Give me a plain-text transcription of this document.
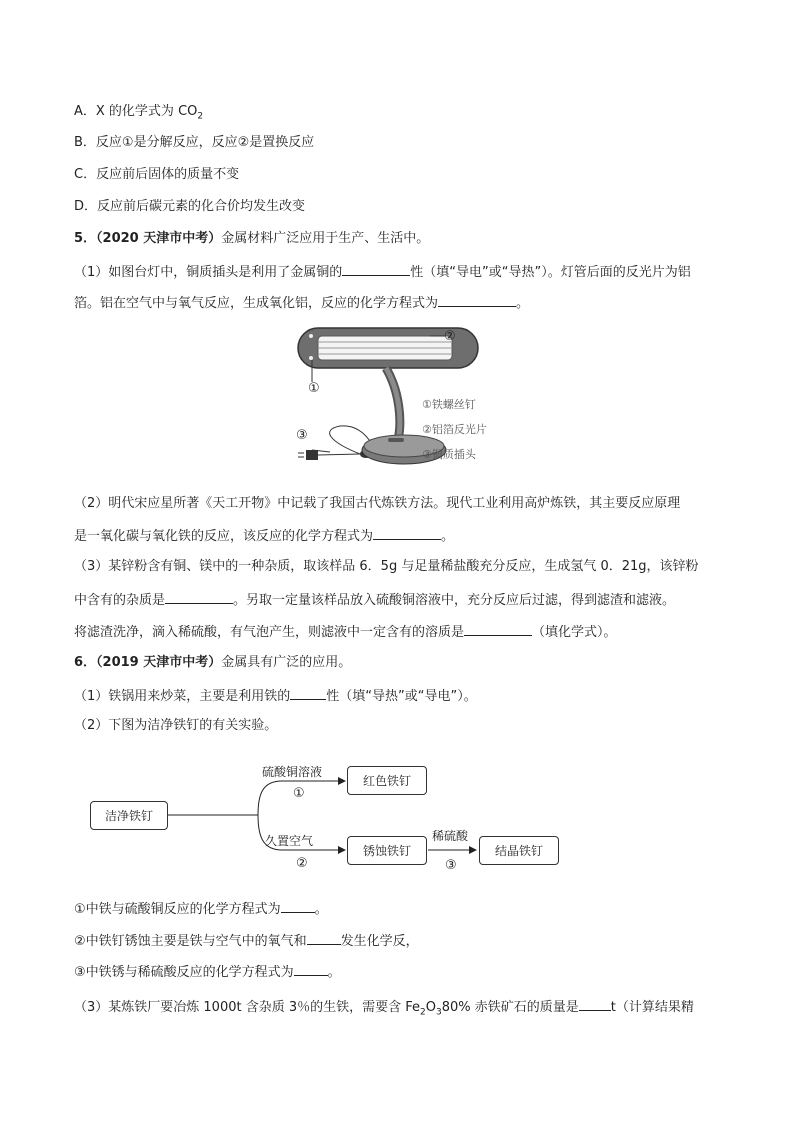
A．X 的化学式为 $CO_2$
B．反应①是分解反应，反应②是置换反应
C．反应前后固体的质量不变
D．反应前后碳元素的化合价均发生改变
5．（2020 天津市中考）金属材料广泛应用于生产、生活中。
（1）如图台灯中，铜质插头是利用了金属铜的	性（填“导电”或“导热”）。灯管后面的反光片为铝
箔。铝在空气中与氧气反应，生成氧化铝，反应的化学方程式为	。
②
①
③
①铁螺丝钉
②铝箔反光片
③铜质插头
（2）明代宋应星所著《天工开物》中记载了我国古代炼铁方法。现代工业利用高炉炼铁，其主要反应原理
是一氧化碳与氧化铁的反应，该反应的化学方程式为	。
（3）某锌粉含有铜、镁中的一种杂质，取该样品 6．5g 与足量稀盐酸充分反应，生成氢气 0．21g，该锌粉
中含有的杂质是	。另取一定量该样品放入硫酸铜溶液中，充分反应后过滤，得到滤渣和滤液。
将滤渣洗净，滴入稀硫酸，有气泡产生，则滤液中一定含有的溶质是	（填化学式）。
6．（2019 天津市中考）金属具有广泛的应用。
（1）铁锅用来炒菜，主要是利用铁的	性（填“导热”或“导电”）。
（2）下图为洁净铁钉的有关实验。
洁净铁钉
红色铁钉
锈蚀铁钉	结晶铁钉
硫酸铜溶液
①
久置空气
②
稀硫酸
③
①中铁与硫酸铜反应的化学方程式为	。
②中铁钉锈蚀主要是铁与空气中的氧气和	发生化学反，
③中铁锈与稀硫酸反应的化学方程式为	。
（3）某炼铁厂要冶炼 1000t 含杂质 3％的生铁，需要含 $Fe_2O_380\%$ 赤铁矿石的质量是 t（计算结果精
